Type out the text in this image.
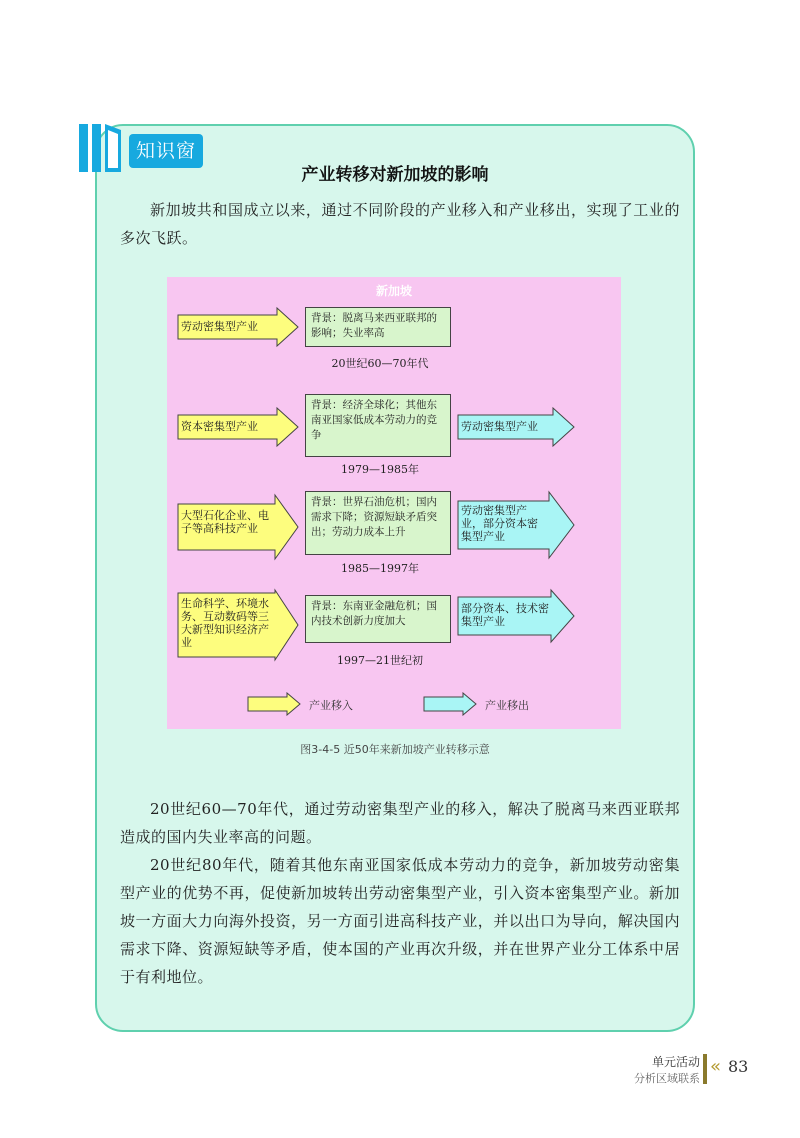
知识窗
产业转移对新加坡的影响

新加坡共和国成立以来，通过不同阶段的产业移入和产业移出，实现了工业的多次飞跃。

新加坡
劳动密集型产业
背景：脱离马来西亚联邦的影响；失业率高
20世纪60—70年代
资本密集型产业
背景：经济全球化；其他东南亚国家低成本劳动力的竞争
1979—1985年
劳动密集型产业
大型石化企业、电子等高科技产业
背景：世界石油危机；国内需求下降；资源短缺矛盾突出；劳动力成本上升
1985—1997年
劳动密集型产业，部分资本密集型产业
生命科学、环境水务、互动数码等三大新型知识经济产业
背景：东南亚金融危机；国内技术创新力度加大
1997—21世纪初
部分资本、技术密集型产业
产业移入	产业移出
图3-4-5 近50年来新加坡产业转移示意

20世纪60—70年代，通过劳动密集型产业的移入，解决了脱离马来西亚联邦造成的国内失业率高的问题。

20世纪80年代，随着其他东南亚国家低成本劳动力的竞争，新加坡劳动密集型产业的优势不再，促使新加坡转出劳动密集型产业，引入资本密集型产业。新加坡一方面大力向海外投资，另一方面引进高科技产业，并以出口为导向，解决国内需求下降、资源短缺等矛盾，使本国的产业再次升级，并在世界产业分工体系中居于有利地位。

单元活动
分析区域联系
« 83
